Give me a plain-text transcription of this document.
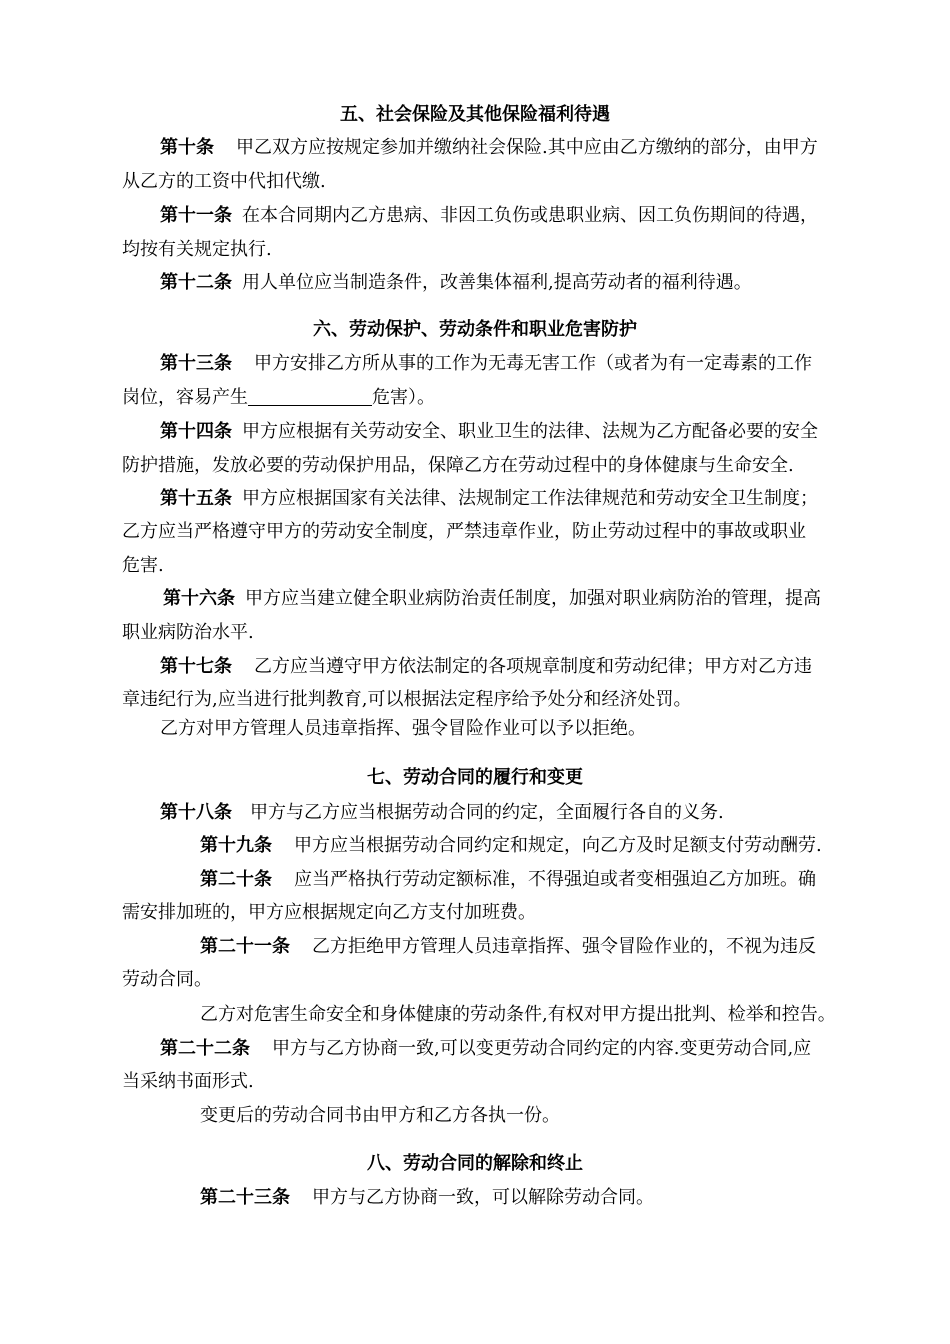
五、社会保险及其他保险福利待遇
第十条 甲乙双方应按规定参加并缴纳社会保险.其中应由乙方缴纳的部分，由甲方
从乙方的工资中代扣代缴.
第十一条 在本合同期内乙方患病、非因工负伤或患职业病、因工负伤期间的待遇，
均按有关规定执行.
第十二条 用人单位应当制造条件，改善集体福利,提高劳动者的福利待遇。
六、劳动保护、劳动条件和职业危害防护
第十三条 甲方安排乙方所从事的工作为无毒无害工作（或者为有一定毒素的工作
岗位，容易产生	危害）。
第十四条 甲方应根据有关劳动安全、职业卫生的法律、法规为乙方配备必要的安全
防护措施，发放必要的劳动保护用品，保障乙方在劳动过程中的身体健康与生命安全.
第十五条 甲方应根据国家有关法律、法规制定工作法律规范和劳动安全卫生制度；
乙方应当严格遵守甲方的劳动安全制度，严禁违章作业，防止劳动过程中的事故或职业
危害.
第十六条 甲方应当建立健全职业病防治责任制度，加强对职业病防治的管理，提高
职业病防治水平.
第十七条 乙方应当遵守甲方依法制定的各项规章制度和劳动纪律；甲方对乙方违
章违纪行为,应当进行批判教育,可以根据法定程序给予处分和经济处罚。
乙方对甲方管理人员违章指挥、强令冒险作业可以予以拒绝。
七、劳动合同的履行和变更
第十八条 甲方与乙方应当根据劳动合同的约定，全面履行各自的义务.
第十九条 甲方应当根据劳动合同约定和规定，向乙方及时足额支付劳动酬劳.
第二十条 应当严格执行劳动定额标准，不得强迫或者变相强迫乙方加班。确
需安排加班的，甲方应根据规定向乙方支付加班费。
第二十一条 乙方拒绝甲方管理人员违章指挥、强令冒险作业的，不视为违反
劳动合同。
乙方对危害生命安全和身体健康的劳动条件,有权对甲方提出批判、检举和控告。
第二十二条 甲方与乙方协商一致,可以变更劳动合同约定的内容.变更劳动合同,应
当采纳书面形式.
变更后的劳动合同书由甲方和乙方各执一份。
八、劳动合同的解除和终止
第二十三条 甲方与乙方协商一致，可以解除劳动合同。
